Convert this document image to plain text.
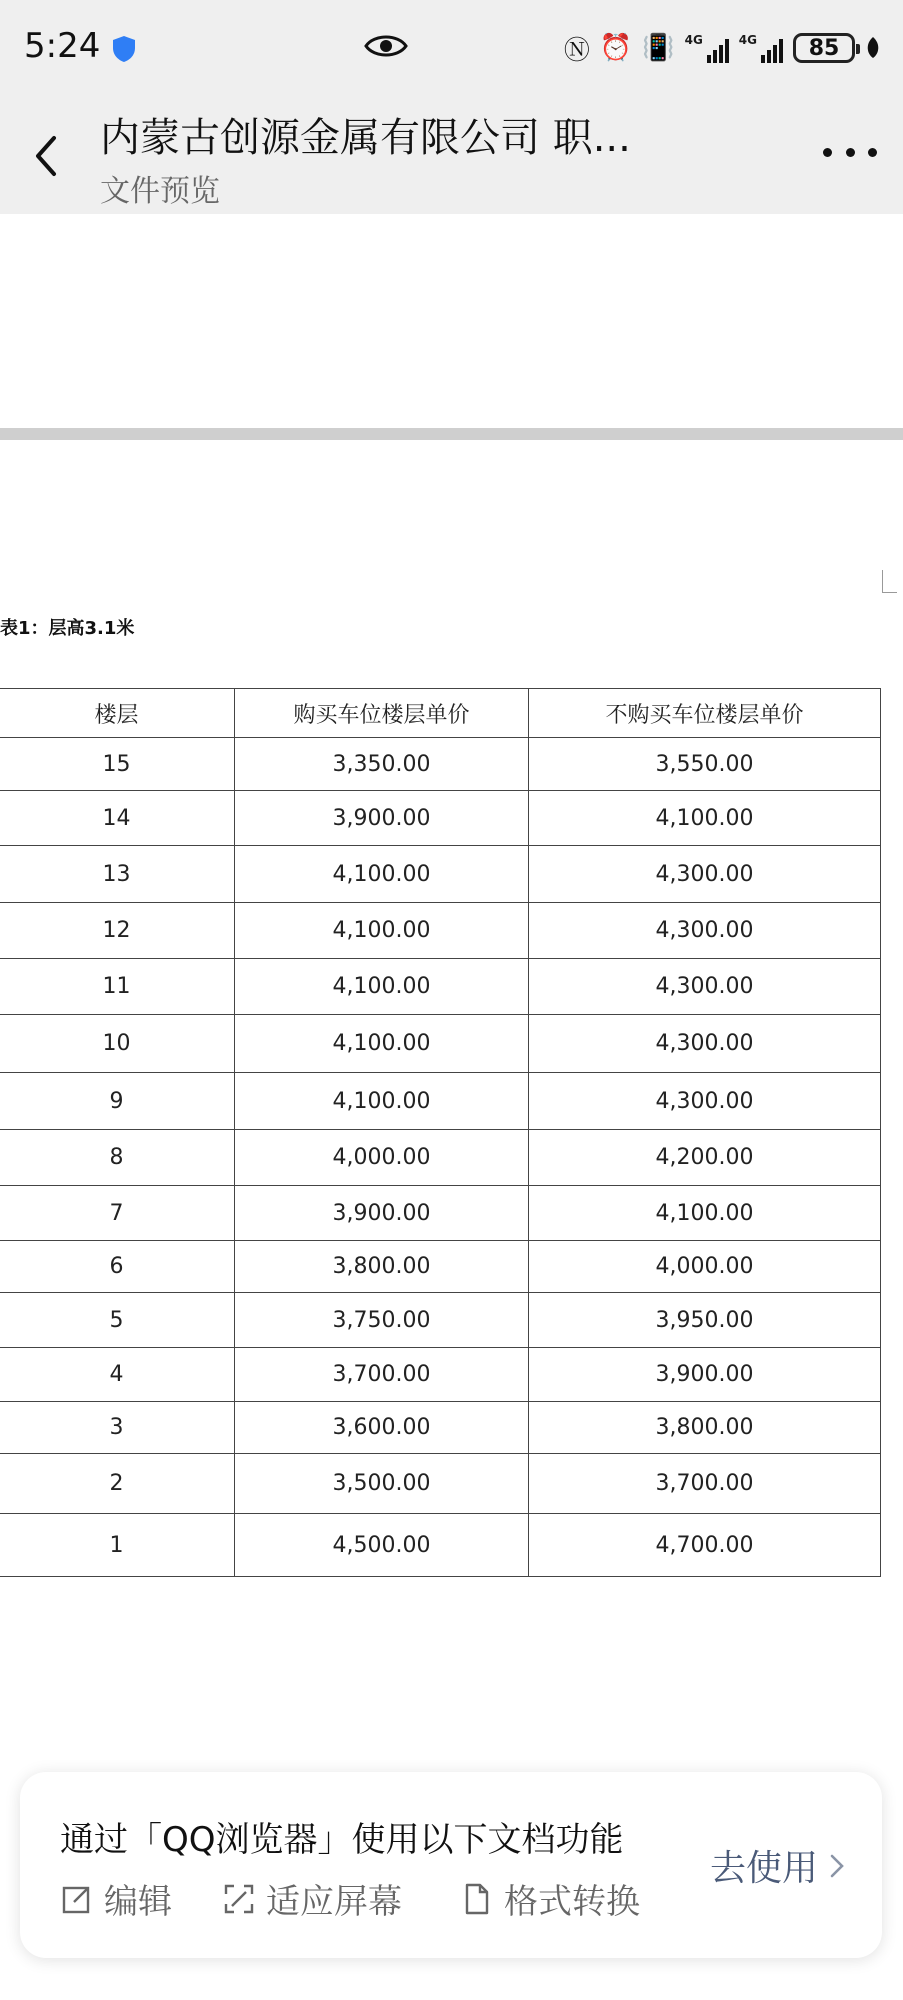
5:24	Ⓝ ⏰ 📳 4G	4G 85
内蒙古创源金属有限公司 职...
文件预览
表1：层高3.1米
楼层	购买车位楼层单价	不购买车位楼层单价
15	3,350.00	3,550.00
14	3,900.00	4,100.00
13	4,100.00	4,300.00
12	4,100.00	4,300.00
11	4,100.00	4,300.00
10	4,100.00	4,300.00
9	4,100.00	4,300.00
8	4,000.00	4,200.00
7	3,900.00	4,100.00
6	3,800.00	4,000.00
5	3,750.00	3,950.00
4	3,700.00	3,900.00
3	3,600.00	3,800.00
2	3,500.00	3,700.00
1	4,500.00	4,700.00
通过「QQ浏览器」使用以下文档功能
编辑	适应屏幕	格式转换
去使用
